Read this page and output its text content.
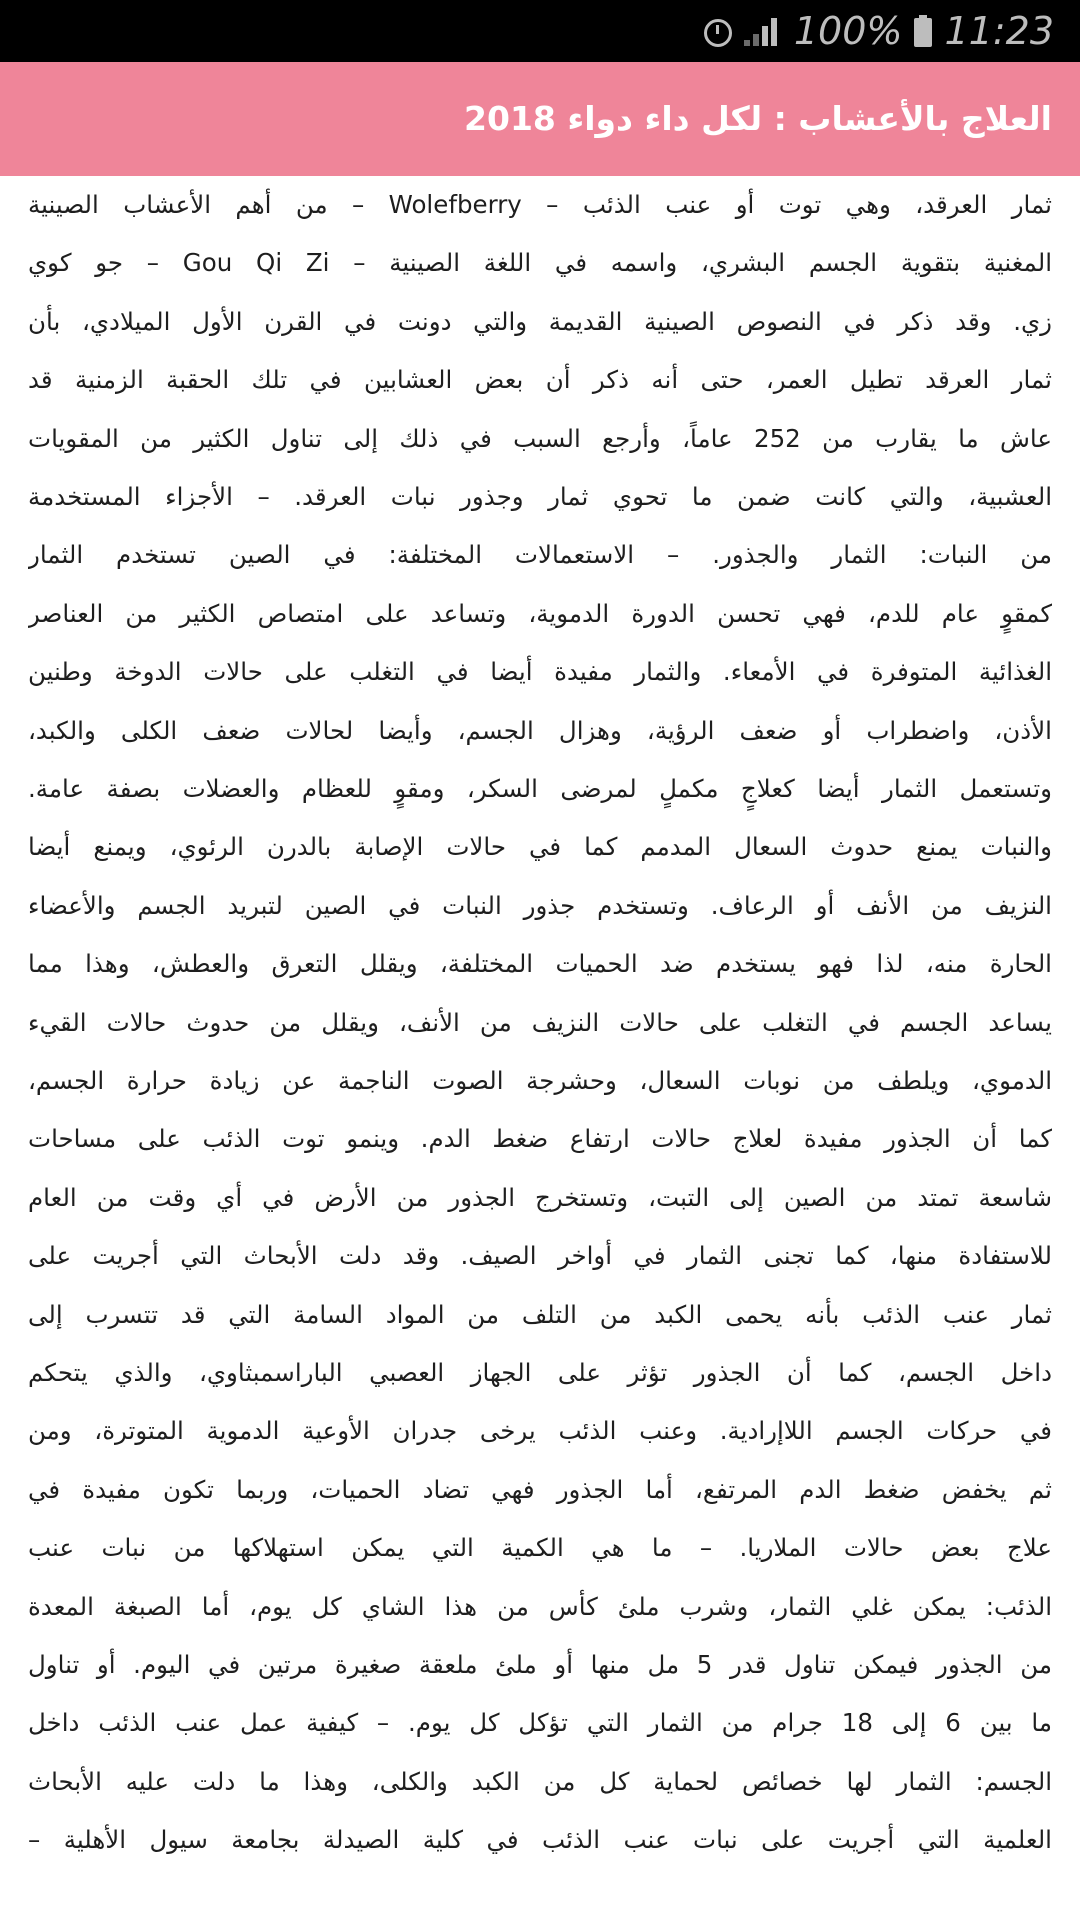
100% 11:23
العلاج بالأعشاب : لكل داء دواء 2018
ثمار العرقد، وهي توت أو عنب الذئب – Wolefberry – من أهم الأعشاب الصينية
المغنية بتقوية الجسم البشري، واسمه في اللغة الصينية – Gou Qi Zi – جو كوي
زي. وقد ذكر في النصوص الصينية القديمة والتي دونت في القرن الأول الميلادي، بأن
ثمار العرقد تطيل العمر، حتى أنه ذكر أن بعض العشابين في تلك الحقبة الزمنية قد
عاش ما يقارب من 252 عاماً، وأرجع السبب في ذلك إلى تناول الكثير من المقويات
العشبية، والتي كانت ضمن ما تحوي ثمار وجذور نبات العرقد. – الأجزاء المستخدمة
من النبات: الثمار والجذور. – الاستعمالات المختلفة: في الصين تستخدم الثمار
كمقوٍ عام للدم، فهي تحسن الدورة الدموية، وتساعد على امتصاص الكثير من العناصر
الغذائية المتوفرة في الأمعاء. والثمار مفيدة أيضا في التغلب على حالات الدوخة وطنين
الأذن، واضطراب أو ضعف الرؤية، وهزال الجسم، وأيضا لحالات ضعف الكلى والكبد،
وتستعمل الثمار أيضا كعلاجٍ مكملٍ لمرضى السكر، ومقوٍ للعظام والعضلات بصفة عامة.
والنبات يمنع حدوث السعال المدمم كما في حالات الإصابة بالدرن الرئوي، ويمنع أيضا
النزيف من الأنف أو الرعاف. وتستخدم جذور النبات في الصين لتبريد الجسم والأعضاء
الحارة منه، لذا فهو يستخدم ضد الحميات المختلفة، ويقلل التعرق والعطش، وهذا مما
يساعد الجسم في التغلب على حالات النزيف من الأنف، ويقلل من حدوث حالات القيء
الدموي، ويلطف من نوبات السعال، وحشرجة الصوت الناجمة عن زيادة حرارة الجسم،
كما أن الجذور مفيدة لعلاج حالات ارتفاع ضغط الدم. وينمو توت الذئب على مساحات
شاسعة تمتد من الصين إلى التبت، وتستخرج الجذور من الأرض في أي وقت من العام
للاستفادة منها، كما تجنى الثمار في أواخر الصيف. وقد دلت الأبحاث التي أجريت على
ثمار عنب الذئب بأنه يحمى الكبد من التلف من المواد السامة التي قد تتسرب إلى
داخل الجسم، كما أن الجذور تؤثر على الجهاز العصبي الباراسمبثاوي، والذي يتحكم
في حركات الجسم اللاإرادية. وعنب الذئب يرخى جدران الأوعية الدموية المتوترة، ومن
ثم يخفض ضغط الدم المرتفع، أما الجذور فهي تضاد الحميات، وربما تكون مفيدة في
علاج بعض حالات الملاريا. – ما هي الكمية التي يمكن استهلاكها من نبات عنب
الذئب: يمكن غلي الثمار، وشرب ملئ كأس من هذا الشاي كل يوم، أما الصبغة المعدة
من الجذور فيمكن تناول قدر 5 مل منها أو ملئ ملعقة صغيرة مرتين في اليوم. أو تناول
ما بين 6 إلى 18 جرام من الثمار التي تؤكل كل يوم. – كيفية عمل عنب الذئب داخل
الجسم: الثمار لها خصائص لحماية كل من الكبد والكلى، وهذا ما دلت عليه الأبحاث
العلمية التي أجريت على نبات عنب الذئب في كلية الصيدلة بجامعة سيول الأهلية –
